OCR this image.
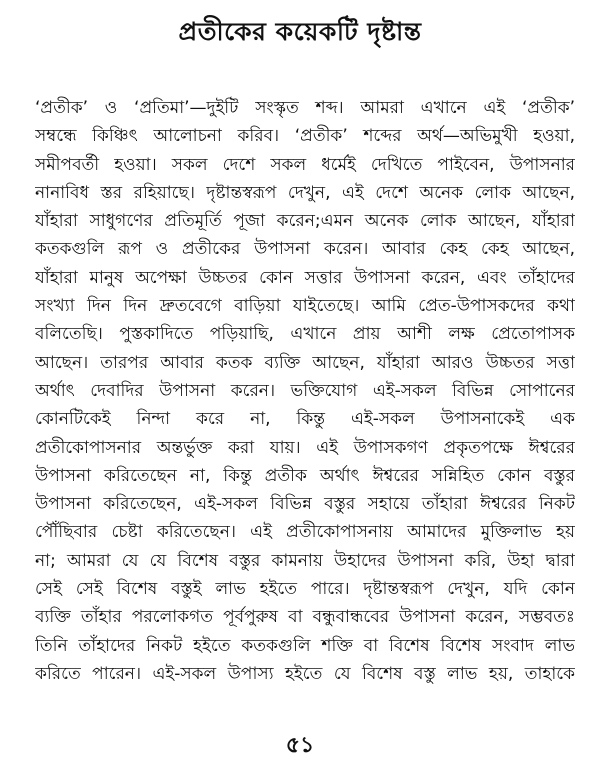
প্রতীকের কয়েকটি দৃষ্টান্ত
‘প্রতীক’ ও ‘প্রতিমা’—দুইটি সংস্কৃত শব্দ। আমরা এখানে এই ‘প্রতীক’
সম্বন্ধে কিঞ্চিৎ আলোচনা করিব। ‘প্রতীক’ শব্দের অর্থ—অভিমুখী হওয়া,
সমীপবর্তী হওয়া। সকল দেশে সকল ধর্মেই দেখিতে পাইবেন, উপাসনার
নানাবিধ স্তর রহিয়াছে। দৃষ্টান্তস্বরূপ দেখুন, এই দেশে অনেক লোক আছেন,
যাঁহারা সাধুগণের প্রতিমূর্তি পূজা করেন;এমন অনেক লোক আছেন, যাঁহারা
কতকগুলি রূপ ও প্রতীকের উপাসনা করেন। আবার কেহ কেহ আছেন,
যাঁহারা মানুষ অপেক্ষা উচ্চতর কোন সত্তার উপাসনা করেন, এবং তাঁহাদের
সংখ্যা দিন দিন দ্রুতবেগে বাড়িয়া যাইতেছে। আমি প্রেত-উপাসকদের কথা
বলিতেছি। পুস্তকাদিতে পড়িয়াছি, এখানে প্রায় আশী লক্ষ প্রেতোপাসক
আছেন। তারপর আবার কতক ব্যক্তি আছেন, যাঁহারা আরও উচ্চতর সত্তা
অর্থাৎ দেবাদির উপাসনা করেন। ভক্তিযোগ এই-সকল বিভিন্ন সোপানের
কোনটিকেই নিন্দা করে না, কিন্তু এই-সকল উপাসনাকেই এক
প্রতীকোপাসনার অন্তর্ভুক্ত করা যায়। এই উপাসকগণ প্রকৃতপক্ষে ঈশ্বরের
উপাসনা করিতেছেন না, কিন্তু প্রতীক অর্থাৎ ঈশ্বরের সন্নিহিত কোন বস্তুর
উপাসনা করিতেছেন, এই-সকল বিভিন্ন বস্তুর সহায়ে তাঁহারা ঈশ্বরের নিকট
পৌঁছিবার চেষ্টা করিতেছেন। এই প্রতীকোপাসনায় আমাদের মুক্তিলাভ হয়
না; আমরা যে যে বিশেষ বস্তুর কামনায় উহাদের উপাসনা করি, উহা দ্বারা
সেই সেই বিশেষ বস্তুই লাভ হইতে পারে। দৃষ্টান্তস্বরূপ দেখুন, যদি কোন
ব্যক্তি তাঁহার পরলোকগত পূর্বপুরুষ বা বন্ধুবান্ধবের উপাসনা করেন, সম্ভবতঃ
তিনি তাঁহাদের নিকট হইতে কতকগুলি শক্তি বা বিশেষ বিশেষ সংবাদ লাভ
করিতে পারেন। এই-সকল উপাস্য হইতে যে বিশেষ বস্তু লাভ হয়, তাহাকে
৫১
